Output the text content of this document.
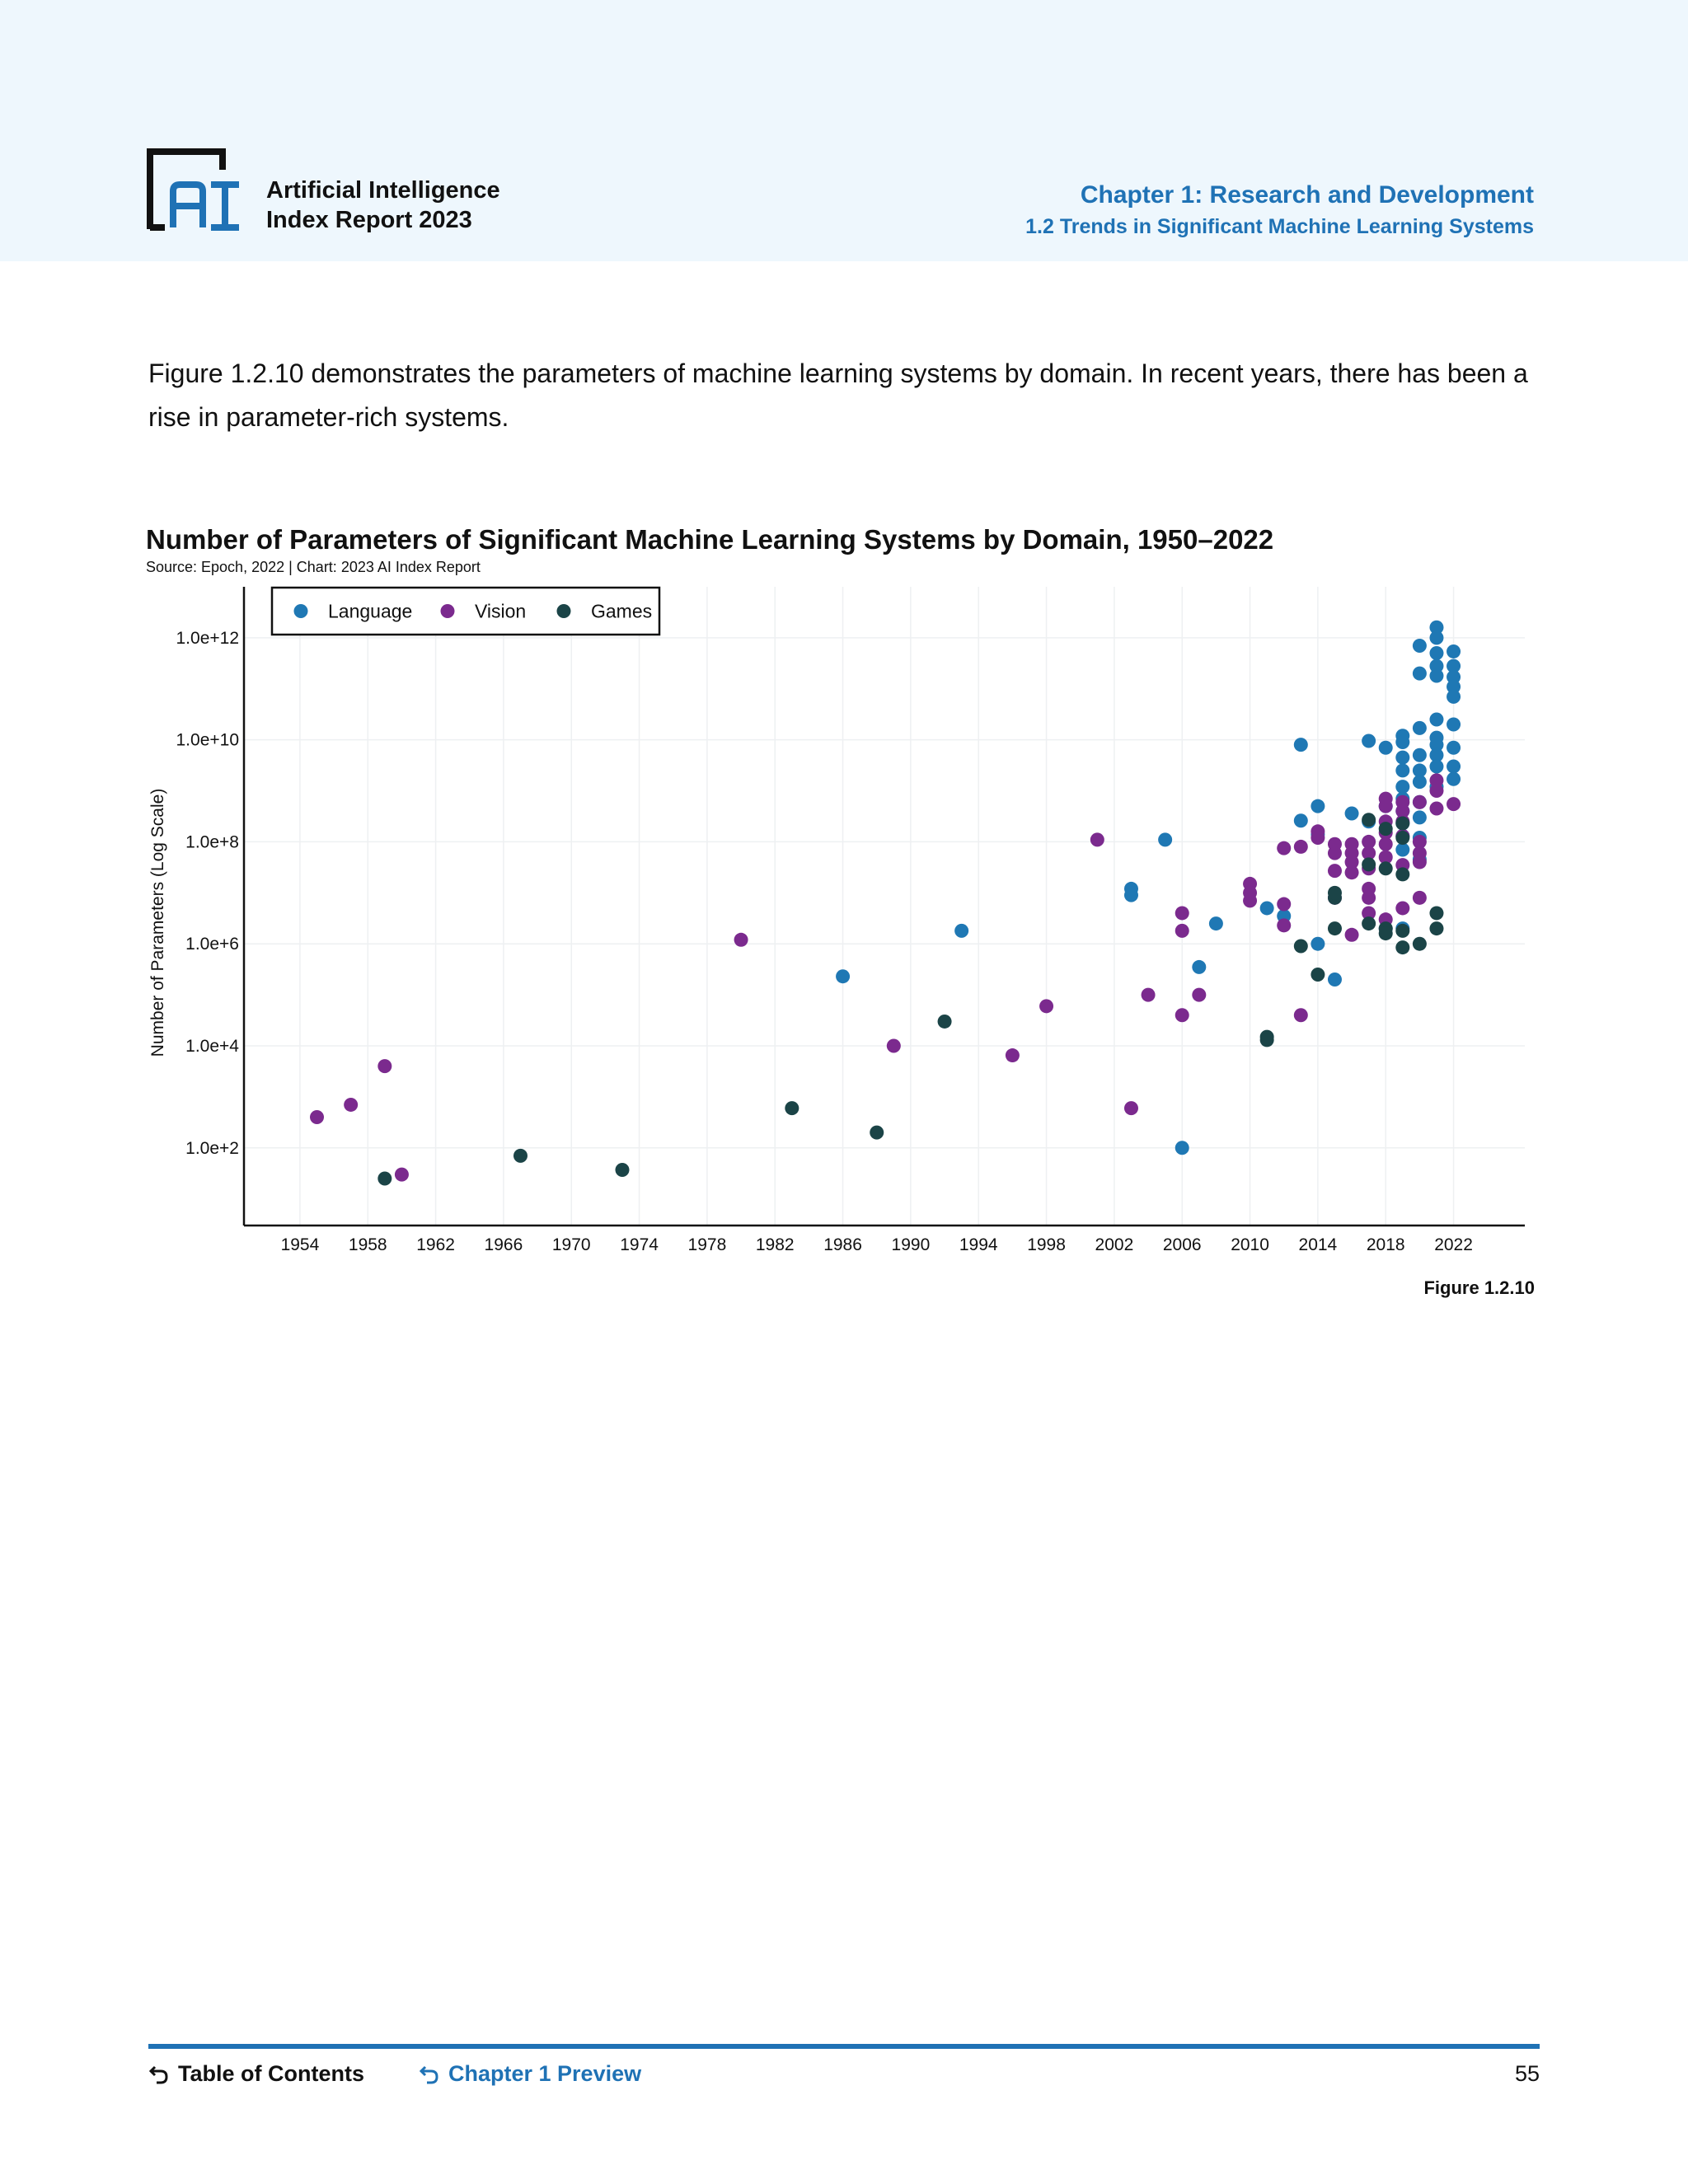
Artificial Intelligence
Index Report 2023
Chapter 1: Research and Development
1.2 Trends in Significant Machine Learning Systems
Figure 1.2.10 demonstrates the parameters of machine learning systems by domain. In recent years, there has been a rise in parameter-rich systems.
Number of Parameters of Significant Machine Learning Systems by Domain, 1950–2022
Source: Epoch, 2022 | Chart: 2023 AI Index Report
1954 1958 1962 1966 1970 1974 1978 1982 1986 1990 1994 1998 2002 2006 2010 2014 2018 2022
1.0e+2
1.0e+4
1.0e+6
1.0e+8
1.0e+10
1.0e+12
Number of Parameters (Log Scale)
Language	Vision	Games
Figure 1.2.10
Table of Contents	Chapter 1 Preview	55
